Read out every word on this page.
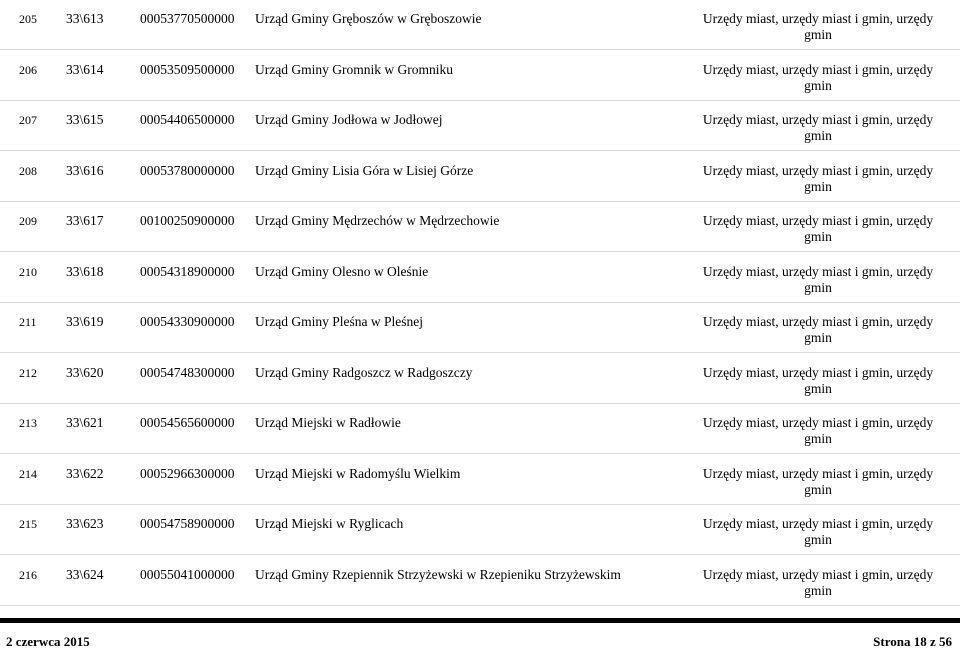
205 33\613	00053770500000 Urząd Gminy Gręboszów w Gręboszowie	Urzędy miast, urzędy miast i gmin, urzędy gmin
206 33\614	00053509500000 Urząd Gminy Gromnik w Gromniku	Urzędy miast, urzędy miast i gmin, urzędy gmin
207 33\615	00054406500000 Urząd Gminy Jodłowa w Jodłowej	Urzędy miast, urzędy miast i gmin, urzędy gmin
208 33\616	00053780000000 Urząd Gminy Lisia Góra w Lisiej Górze	Urzędy miast, urzędy miast i gmin, urzędy gmin
209 33\617	00100250900000 Urząd Gminy Mędrzechów w Mędrzechowie	Urzędy miast, urzędy miast i gmin, urzędy gmin
210 33\618	00054318900000 Urząd Gminy Olesno w Oleśnie	Urzędy miast, urzędy miast i gmin, urzędy gmin
211 33\619	00054330900000 Urząd Gminy Pleśna w Pleśnej	Urzędy miast, urzędy miast i gmin, urzędy gmin
212 33\620	00054748300000 Urząd Gminy Radgoszcz w Radgoszczy	Urzędy miast, urzędy miast i gmin, urzędy gmin
213 33\621	00054565600000 Urząd Miejski w Radłowie	Urzędy miast, urzędy miast i gmin, urzędy gmin
214 33\622	00052966300000 Urząd Miejski w Radomyślu Wielkim	Urzędy miast, urzędy miast i gmin, urzędy gmin
215 33\623	00054758900000 Urząd Miejski w Ryglicach	Urzędy miast, urzędy miast i gmin, urzędy gmin
216 33\624	00055041000000 Urząd Gminy Rzepiennik Strzyżewski w Rzepieniku Strzyżewskim	Urzędy miast, urzędy miast i gmin, urzędy gmin
2 czerwca 2015	Strona 18 z 56
